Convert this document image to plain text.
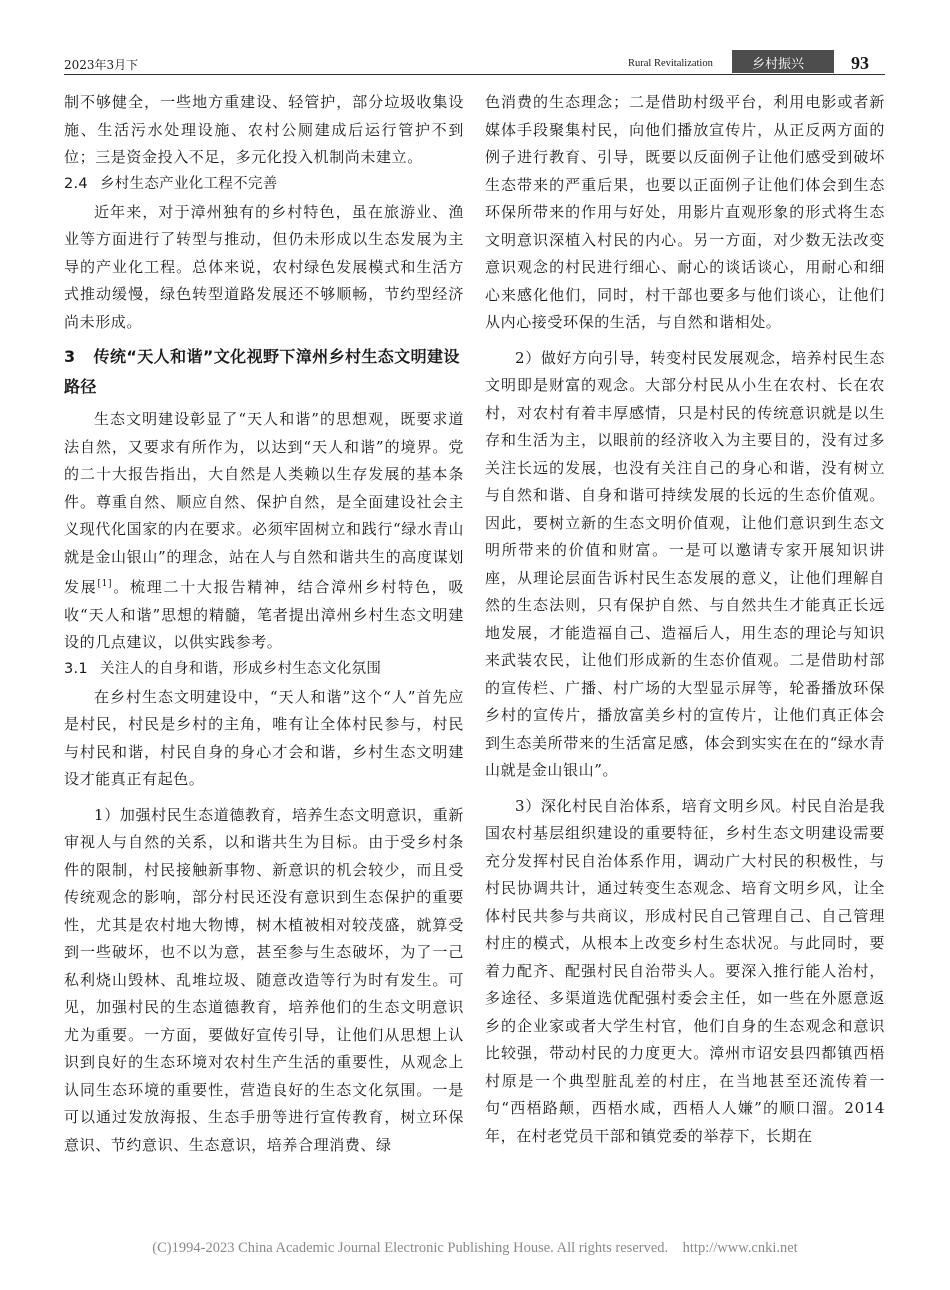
2023年3月下	Rural Revitalization	乡村振兴	93

制不够健全，一些地方重建设、轻管护，部分垃圾收集设施、生活污水处理设施、农村公厕建成后运行管护不到位；三是资金投入不足，多元化投入机制尚未建立。

2.4 乡村生态产业化工程不完善

近年来，对于漳州独有的乡村特色，虽在旅游业、渔业等方面进行了转型与推动，但仍未形成以生态发展为主导的产业化工程。总体来说，农村绿色发展模式和生活方式推动缓慢，绿色转型道路发展还不够顺畅，节约型经济尚未形成。

3 传统“天人和谐”文化视野下漳州乡村生态文明建设路径

生态文明建设彰显了“天人和谐”的思想观，既要求道法自然，又要求有所作为，以达到“天人和谐”的境界。党的二十大报告指出，大自然是人类赖以生存发展的基本条件。尊重自然、顺应自然、保护自然，是全面建设社会主义现代化国家的内在要求。必须牢固树立和践行“绿水青山就是金山银山”的理念，站在人与自然和谐共生的高度谋划发展[1]。梳理二十大报告精神，结合漳州乡村特色，吸收“天人和谐”思想的精髓，笔者提出漳州乡村生态文明建设的几点建议，以供实践参考。

3.1 关注人的自身和谐，形成乡村生态文化氛围

在乡村生态文明建设中，“天人和谐”这个“人”首先应是村民，村民是乡村的主角，唯有让全体村民参与，村民与村民和谐，村民自身的身心才会和谐，乡村生态文明建设才能真正有起色。

1）加强村民生态道德教育，培养生态文明意识，重新审视人与自然的关系，以和谐共生为目标。由于受乡村条件的限制，村民接触新事物、新意识的机会较少，而且受传统观念的影响，部分村民还没有意识到生态保护的重要性，尤其是农村地大物博，树木植被相对较茂盛，就算受到一些破坏，也不以为意，甚至参与生态破坏，为了一己私利烧山毁林、乱堆垃圾、随意改造等行为时有发生。可见，加强村民的生态道德教育，培养他们的生态文明意识尤为重要。一方面，要做好宣传引导，让他们从思想上认识到良好的生态环境对农村生产生活的重要性，从观念上认同生态环境的重要性，营造良好的生态文化氛围。一是可以通过发放海报、生态手册等进行宣传教育，树立环保意识、节约意识、生态意识，培养合理消费、绿

色消费的生态理念；二是借助村级平台，利用电影或者新媒体手段聚集村民，向他们播放宣传片，从正反两方面的例子进行教育、引导，既要以反面例子让他们感受到破坏生态带来的严重后果，也要以正面例子让他们体会到生态环保所带来的作用与好处，用影片直观形象的形式将生态文明意识深植入村民的内心。另一方面，对少数无法改变意识观念的村民进行细心、耐心的谈话谈心，用耐心和细心来感化他们，同时，村干部也要多与他们谈心，让他们从内心接受环保的生活，与自然和谐相处。

2）做好方向引导，转变村民发展观念，培养村民生态文明即是财富的观念。大部分村民从小生在农村、长在农村，对农村有着丰厚感情，只是村民的传统意识就是以生存和生活为主，以眼前的经济收入为主要目的，没有过多关注长远的发展，也没有关注自己的身心和谐，没有树立与自然和谐、自身和谐可持续发展的长远的生态价值观。因此，要树立新的生态文明价值观，让他们意识到生态文明所带来的价值和财富。一是可以邀请专家开展知识讲座，从理论层面告诉村民生态发展的意义，让他们理解自然的生态法则，只有保护自然、与自然共生才能真正长远地发展，才能造福自己、造福后人，用生态的理论与知识来武装农民，让他们形成新的生态价值观。二是借助村部的宣传栏、广播、村广场的大型显示屏等，轮番播放环保乡村的宣传片，播放富美乡村的宣传片，让他们真正体会到生态美所带来的生活富足感，体会到实实在在的“绿水青山就是金山银山”。

3）深化村民自治体系，培育文明乡风。村民自治是我国农村基层组织建设的重要特征，乡村生态文明建设需要充分发挥村民自治体系作用，调动广大村民的积极性，与村民协调共计，通过转变生态观念、培育文明乡风，让全体村民共参与共商议，形成村民自己管理自己、自己管理村庄的模式，从根本上改变乡村生态状况。与此同时，要着力配齐、配强村民自治带头人。要深入推行能人治村，多途径、多渠道选优配强村委会主任，如一些在外愿意返乡的企业家或者大学生村官，他们自身的生态观念和意识比较强，带动村民的力度更大。漳州市诏安县四都镇西梧村原是一个典型脏乱差的村庄，在当地甚至还流传着一句“西梧路颠，西梧水咸，西梧人人嫌”的顺口溜。2014年，在村老党员干部和镇党委的举荐下，长期在

(C)1994-2023 China Academic Journal Electronic Publishing House. All rights reserved. http://www.cnki.net
